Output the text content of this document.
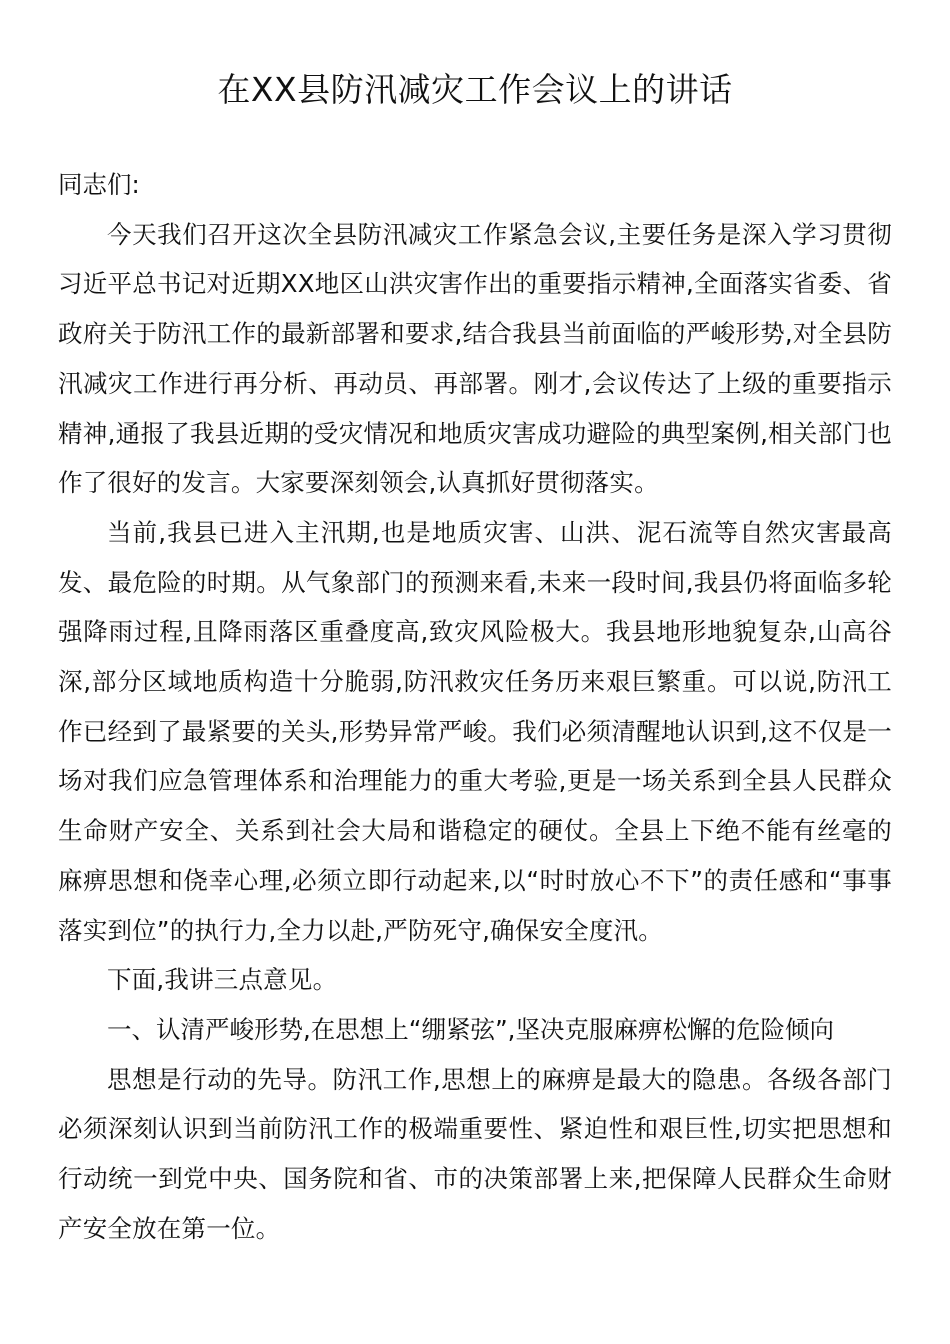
在XX县防汛减灾工作会议上的讲话

同志们:

今天我们召开这次全县防汛减灾工作紧急会议,主要任务是深入学习贯彻习近平总书记对近期XX地区山洪灾害作出的重要指示精神,全面落实省委、省政府关于防汛工作的最新部署和要求,结合我县当前面临的严峻形势,对全县防汛减灾工作进行再分析、再动员、再部署。刚才,会议传达了上级的重要指示精神,通报了我县近期的受灾情况和地质灾害成功避险的典型案例,相关部门也作了很好的发言。大家要深刻领会,认真抓好贯彻落实。

当前,我县已进入主汛期,也是地质灾害、山洪、泥石流等自然灾害最高发、最危险的时期。从气象部门的预测来看,未来一段时间,我县仍将面临多轮强降雨过程,且降雨落区重叠度高,致灾风险极大。我县地形地貌复杂,山高谷深,部分区域地质构造十分脆弱,防汛救灾任务历来艰巨繁重。可以说,防汛工作已经到了最紧要的关头,形势异常严峻。我们必须清醒地认识到,这不仅是一场对我们应急管理体系和治理能力的重大考验,更是一场关系到全县人民群众生命财产安全、关系到社会大局和谐稳定的硬仗。全县上下绝不能有丝毫的麻痹思想和侥幸心理,必须立即行动起来,以“时时放心不下”的责任感和“事事落实到位”的执行力,全力以赴,严防死守,确保安全度汛。

下面,我讲三点意见。

一、认清严峻形势,在思想上“绷紧弦”,坚决克服麻痹松懈的危险倾向

思想是行动的先导。防汛工作,思想上的麻痹是最大的隐患。各级各部门必须深刻认识到当前防汛工作的极端重要性、紧迫性和艰巨性,切实把思想和行动统一到党中央、国务院和省、市的决策部署上来,把保障人民群众生命财产安全放在第一位。
